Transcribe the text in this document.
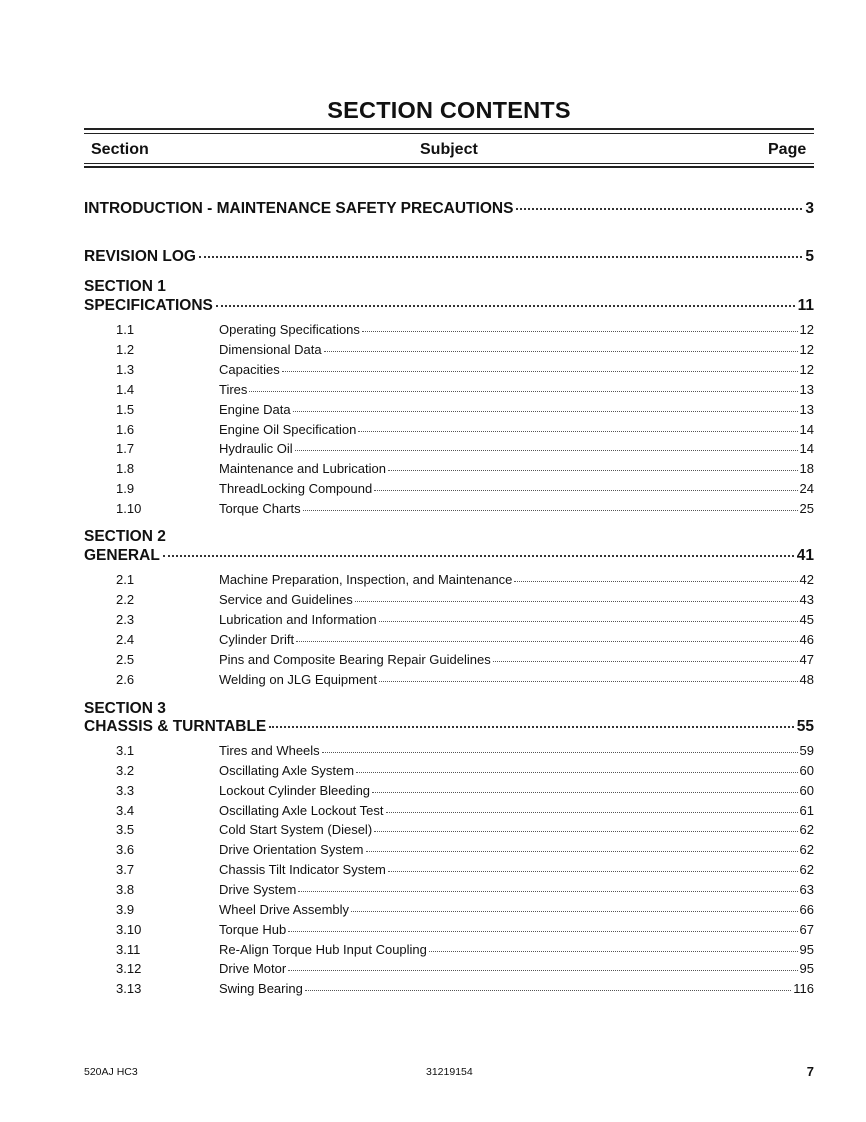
SECTION CONTENTS
Section	Subject	Page
INTRODUCTION - MAINTENANCE SAFETY PRECAUTIONS	3
REVISION LOG	5
SECTION 1
SPECIFICATIONS	11
1.1	Operating Specifications	12
1.2	Dimensional Data	12
1.3	Capacities	12
1.4	Tires	13
1.5	Engine Data	13
1.6	Engine Oil Specification	14
1.7	Hydraulic Oil	14
1.8	Maintenance and Lubrication	18
1.9	ThreadLocking Compound	24
1.10	Torque Charts	25
SECTION 2
GENERAL	41
2.1	Machine Preparation, Inspection, and Maintenance	42
2.2	Service and Guidelines	43
2.3	Lubrication and Information	45
2.4	Cylinder Drift	46
2.5	Pins and Composite Bearing Repair Guidelines	47
2.6	Welding on JLG Equipment	48
SECTION 3
CHASSIS & TURNTABLE	55
3.1	Tires and Wheels	59
3.2	Oscillating Axle System	60
3.3	Lockout Cylinder Bleeding	60
3.4	Oscillating Axle Lockout Test	61
3.5	Cold Start System (Diesel)	62
3.6	Drive Orientation System	62
3.7	Chassis Tilt Indicator System	62
3.8	Drive System	63
3.9	Wheel Drive Assembly	66
3.10	Torque Hub	67
3.11	Re-Align Torque Hub Input Coupling	95
3.12	Drive Motor	95
3.13	Swing Bearing	116
520AJ HC3	31219154	7
